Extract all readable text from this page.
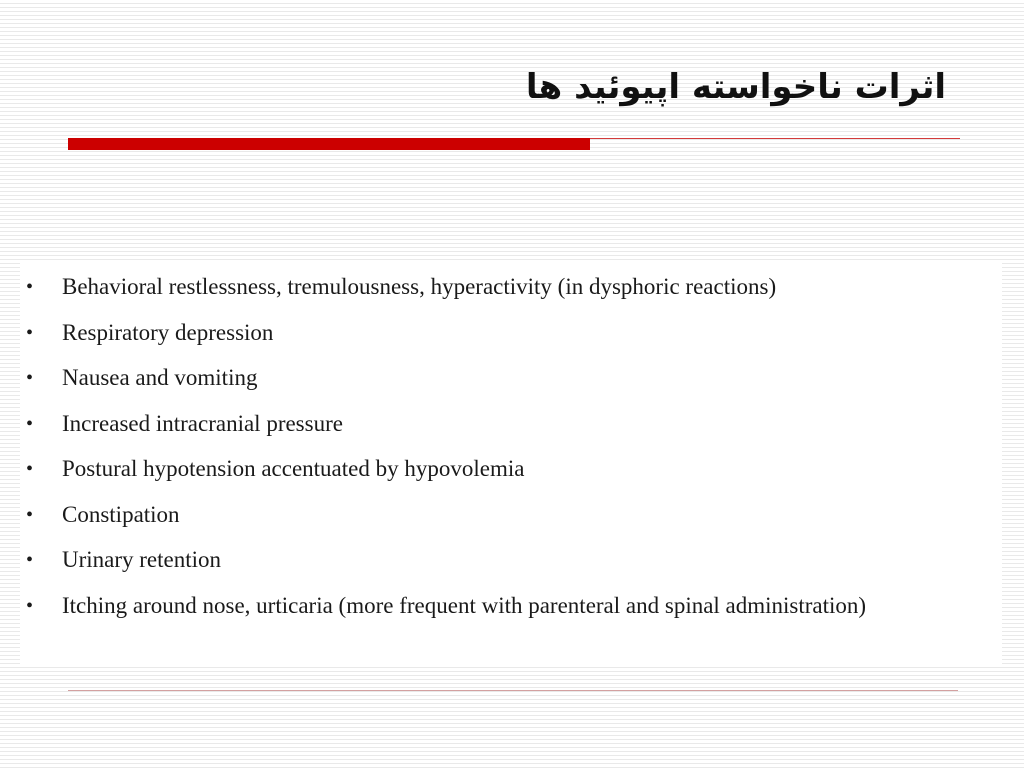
اثرات ناخواسته اپیوئید ها
• Behavioral restlessness, tremulousness, hyperactivity (in dysphoric reactions)
• Respiratory depression
• Nausea and vomiting
• Increased intracranial pressure
• Postural hypotension accentuated by hypovolemia
• Constipation
• Urinary retention
• Itching around nose, urticaria (more frequent with parenteral and spinal administration)
